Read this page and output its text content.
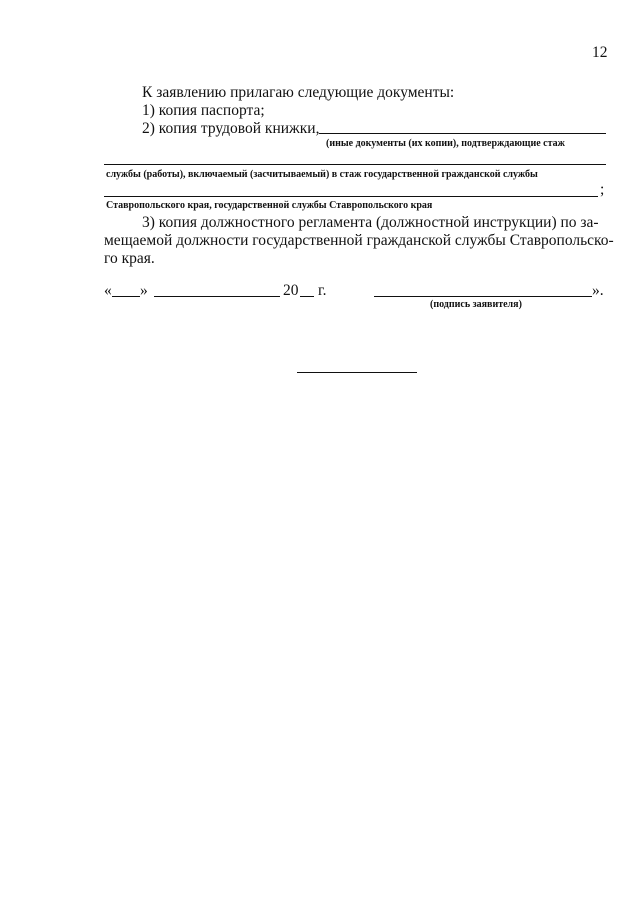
12
К заявлению прилагаю следующие документы:
1) копия паспорта;
2) копия трудовой книжки,
(иные документы (их копии), подтверждающие стаж
службы (работы), включаемый (засчитываемый) в стаж государственной гражданской службы
;
Ставропольского края, государственной службы Ставропольского края
3) копия должностного регламента (должностной инструкции) по за-
мещаемой должности государственной гражданской службы Ставропольско-
го края.
« »	20 г.	».
(подпись заявителя)
